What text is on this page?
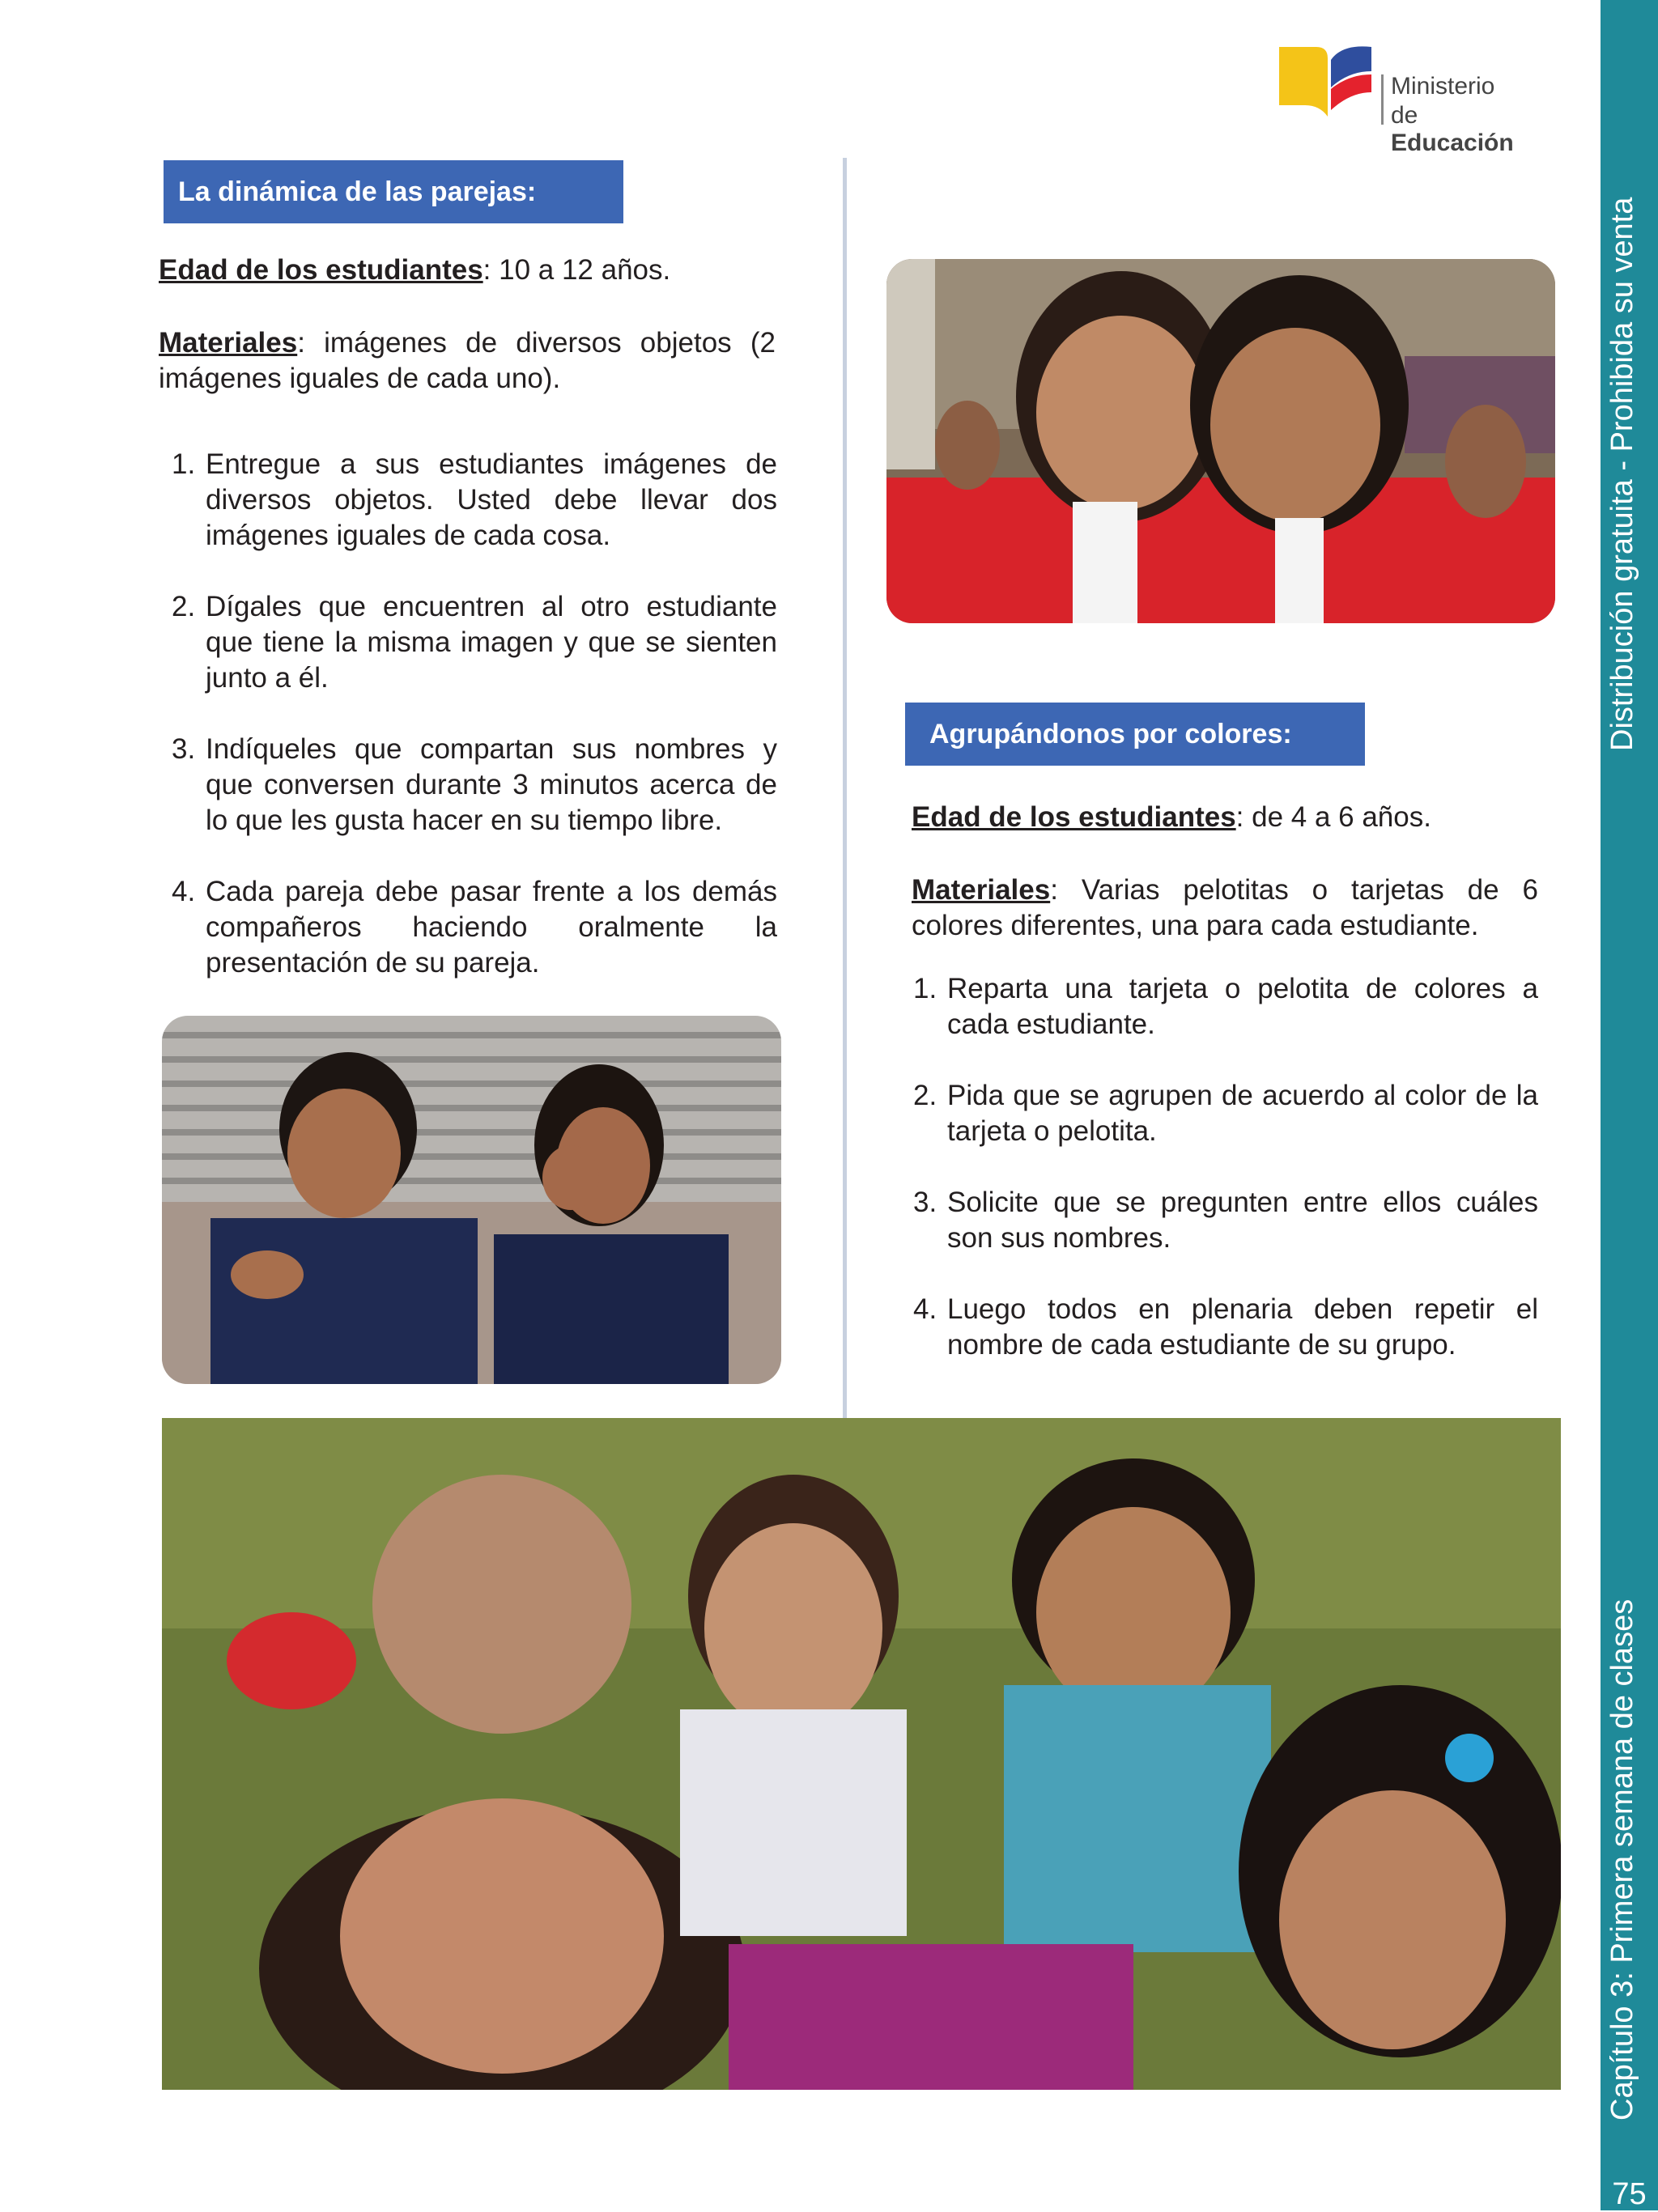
Ministerio
de Educación
Distribución gratuita - Prohibida su venta
Capítulo 3: Primera semana de clases
75
La dinámica de las parejas:

Edad de los estudiantes: 10 a 12 años.

Materiales: imágenes de diversos objetos (2 imágenes iguales de cada uno).

1. Entregue a sus estudiantes imágenes de diversos objetos. Usted debe llevar dos imágenes iguales de cada cosa.
2. Dígales que encuentren al otro estudiante que tiene la misma imagen y que se sienten junto a él.
3. Indíqueles que compartan sus nombres y que conversen durante 3 minutos acerca de lo que les gusta hacer en su tiempo libre.
4. Cada pareja debe pasar frente a los demás compañeros haciendo oralmente la presentación de su pareja.
Agrupándonos por colores:

Edad de los estudiantes: de 4 a 6 años.

Materiales: Varias pelotitas o tarjetas de 6 colores diferentes, una para cada estudiante.

1. Reparta una tarjeta o pelotita de colores a cada estudiante.
2. Pida que se agrupen de acuerdo al color de la tarjeta o pelotita.
3. Solicite que se pregunten entre ellos cuáles son sus nombres.
4. Luego todos en plenaria deben repetir el nombre de cada estudiante de su grupo.
